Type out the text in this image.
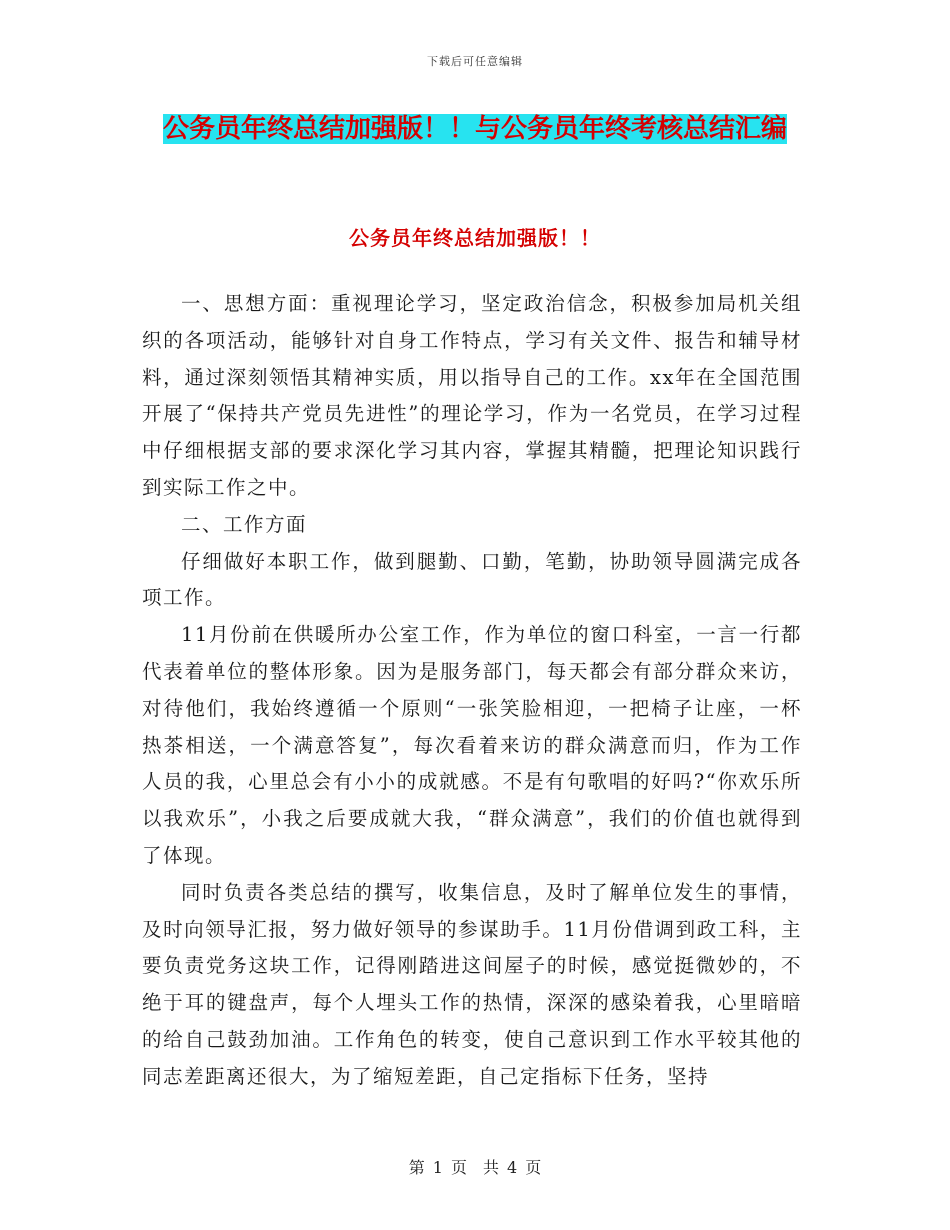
下载后可任意编辑
公务员年终总结加强版！！与公务员年终考核总结汇编
公务员年终总结加强版！！

一、思想方面：重视理论学习，坚定政治信念，积极参加局机关组织的各项活动，能够针对自身工作特点，学习有关文件、报告和辅导材料，通过深刻领悟其精神实质，用以指导自己的工作。xx年在全国范围开展了“保持共产党员先进性”的理论学习，作为一名党员，在学习过程中仔细根据支部的要求深化学习其内容，掌握其精髓，把理论知识践行到实际工作之中。

二、工作方面

仔细做好本职工作，做到腿勤、口勤，笔勤，协助领导圆满完成各项工作。

11月份前在供暖所办公室工作，作为单位的窗口科室，一言一行都代表着单位的整体形象。因为是服务部门，每天都会有部分群众来访，对待他们，我始终遵循一个原则“一张笑脸相迎，一把椅子让座，一杯热茶相送，一个满意答复”，每次看着来访的群众满意而归，作为工作人员的我，心里总会有小小的成就感。不是有句歌唱的好吗?“你欢乐所以我欢乐”，小我之后要成就大我，“群众满意”，我们的价值也就得到了体现。

同时负责各类总结的撰写，收集信息，及时了解单位发生的事情，及时向领导汇报，努力做好领导的参谋助手。11月份借调到政工科，主要负责党务这块工作，记得刚踏进这间屋子的时候，感觉挺微妙的，不绝于耳的键盘声，每个人埋头工作的热情，深深的感染着我，心里暗暗的给自己鼓劲加油。工作角色的转变，使自己意识到工作水平较其他的同志差距离还很大，为了缩短差距，自己定指标下任务，坚持

第 1 页　共 4 页
